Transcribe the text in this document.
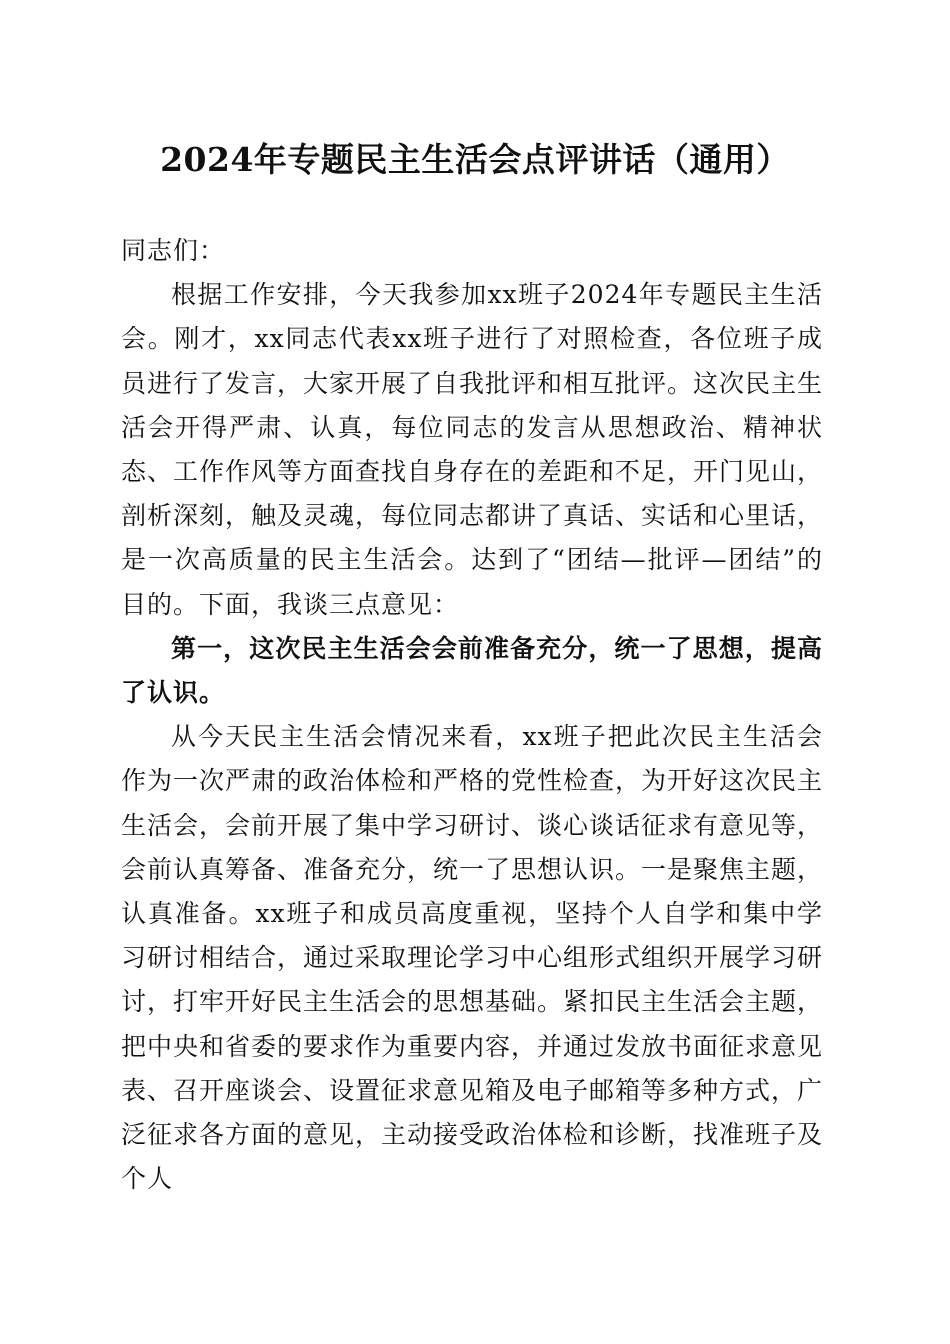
2024年专题民主生活会点评讲话（通用）

同志们：

根据工作安排，今天我参加xx班子2024年专题民主生活会。刚才，xx同志代表xx班子进行了对照检查，各位班子成员进行了发言，大家开展了自我批评和相互批评。这次民主生活会开得严肃、认真，每位同志的发言从思想政治、精神状态、工作作风等方面查找自身存在的差距和不足，开门见山，剖析深刻，触及灵魂，每位同志都讲了真话、实话和心里话，是一次高质量的民主生活会。达到了“团结—批评—团结”的目的。下面，我谈三点意见：

第一，这次民主生活会会前准备充分，统一了思想，提高了认识。

从今天民主生活会情况来看，xx班子把此次民主生活会作为一次严肃的政治体检和严格的党性检查，为开好这次民主生活会，会前开展了集中学习研讨、谈心谈话征求有意见等，会前认真筹备、准备充分，统一了思想认识。一是聚焦主题，认真准备。xx班子和成员高度重视，坚持个人自学和集中学习研讨相结合，通过采取理论学习中心组形式组织开展学习研讨，打牢开好民主生活会的思想基础。紧扣民主生活会主题，把中央和省委的要求作为重要内容，并通过发放书面征求意见表、召开座谈会、设置征求意见箱及电子邮箱等多种方式，广泛征求各方面的意见，主动接受政治体检和诊断，找准班子及个人
